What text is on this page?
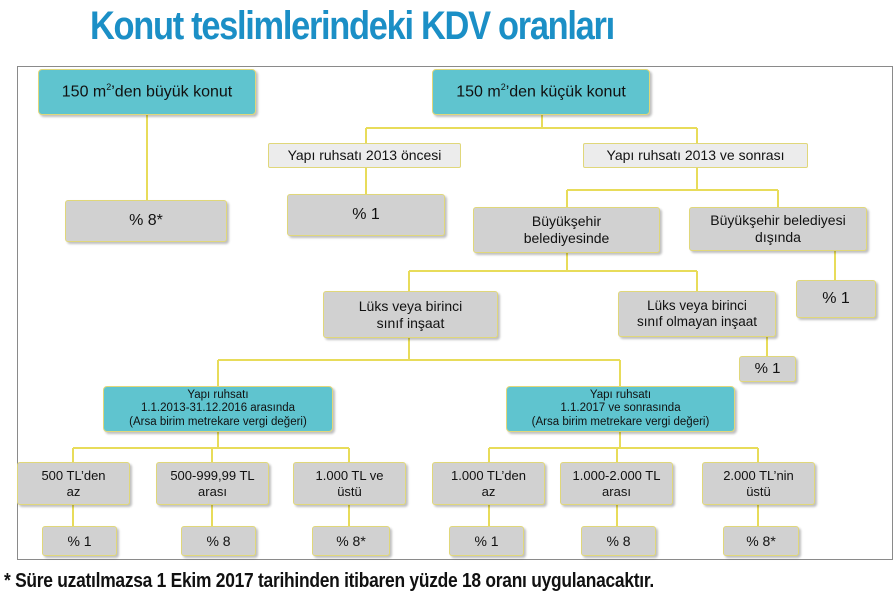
Konut teslimlerindeki KDV oranları
150 $m^2’den$ büyük konut	150 $m^2’den$ küçük konut
% 8*
Yapı ruhsatı 2013 öncesi	Yapı ruhsatı 2013 ve sonrası
% 1	Büyükşehir
belediyesinde
Büyükşehir belediyesi
dışında
% 1
Lüks veya birinci
sınıf inşaat
Lüks veya birinci
sınıf olmayan inşaat
% 1
Yapı ruhsatı
1.1.2013-31.12.2016 arasında
(Arsa birim metrekare vergi değeri)
Yapı ruhsatı
1.1.2017 ve sonrasında
(Arsa birim metrekare vergi değeri)
500 TL’den
az
500-999,99 TL
arası
1.000 TL ve
üstü
1.000 TL’den
az
1.000-2.000 TL
arası
2.000 TL’nin
üstü
% 1	% 8	% 8*	% 1	% 8	% 8*

* Süre uzatılmazsa 1 Ekim 2017 tarihinden itibaren yüzde 18 oranı uygulanacaktır.
